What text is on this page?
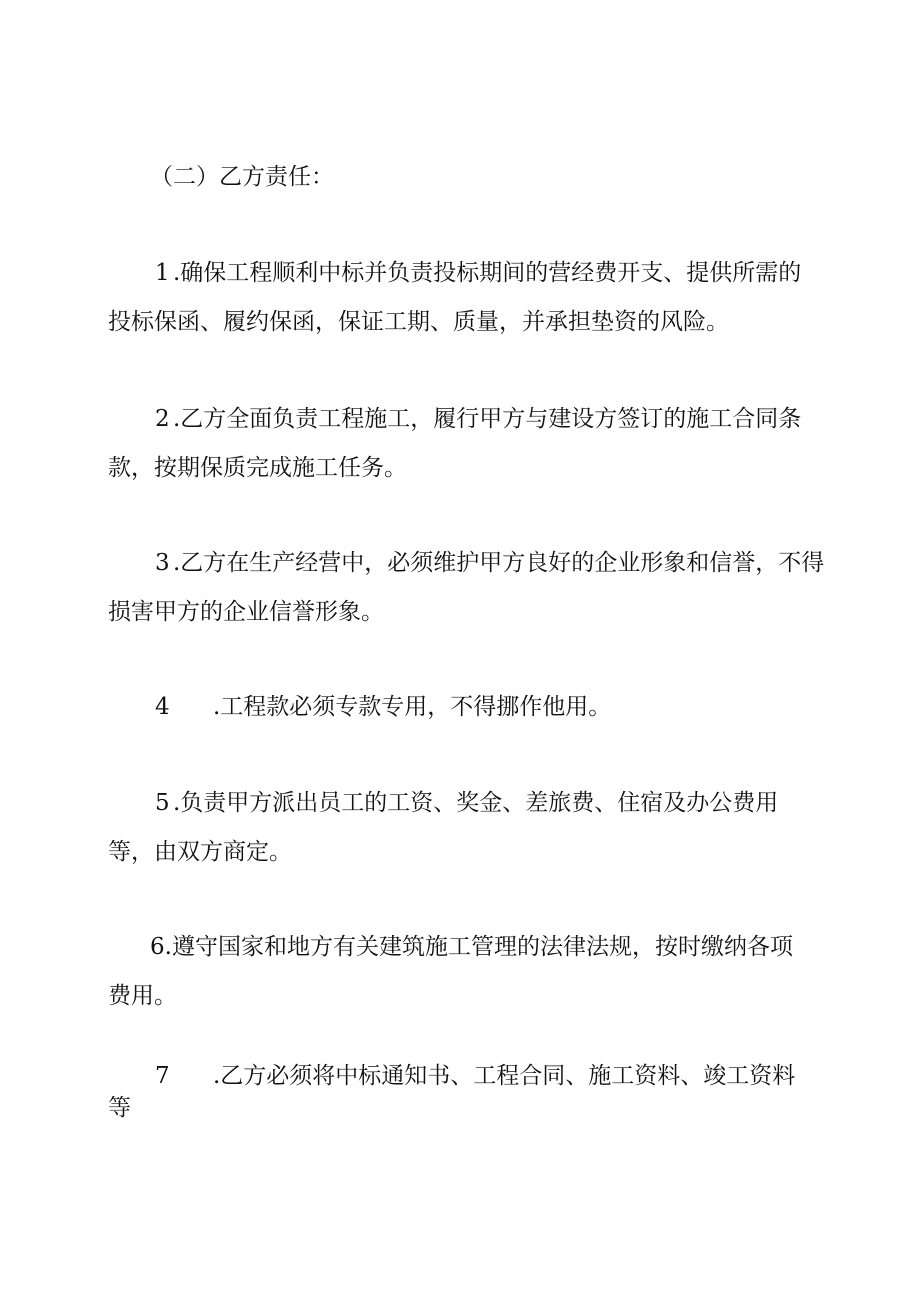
（二）乙方责任：
1 .确保工程顺利中标并负责投标期间的营经费开支、提供所需的
投标保函、履约保函，保证工期、质量，并承担垫资的风险。
2 .乙方全面负责工程施工，履行甲方与建设方签订的施工合同条
款，按期保质完成施工任务。
3 .乙方在生产经营中，必须维护甲方良好的企业形象和信誉，不得
损害甲方的企业信誉形象。
4 .工程款必须专款专用，不得挪作他用。
5 .负责甲方派出员工的工资、奖金、差旅费、住宿及办公费用
等，由双方商定。
6.遵守国家和地方有关建筑施工管理的法律法规，按时缴纳各项
费用。
7 .乙方必须将中标通知书、工程合同、施工资料、竣工资料
等
